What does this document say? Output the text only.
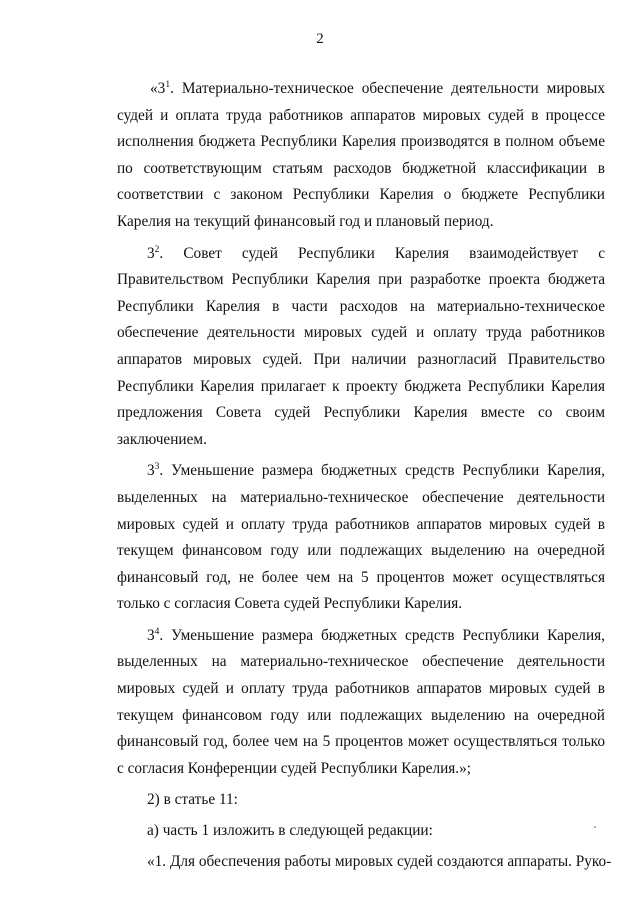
2

«$3^1$. Материально-техническое обеспечение деятельности мировых судей и оплата труда работников аппаратов мировых судей в процессе исполнения бюджета Республики Карелия производятся в полном объеме по соответствующим статьям расходов бюджетной классификации в соответствии с законом Республики Карелия о бюджете Республики Карелия на текущий финансовый год и плановый период.

$3^2$. Совет судей Республики Карелия взаимодействует с Правительством Республики Карелия при разработке проекта бюджета Республики Карелия в части расходов на материально-техническое обеспечение деятельности мировых судей и оплату труда работников аппаратов мировых судей. При наличии разногласий Правительство Республики Карелия прилагает к проекту бюджета Республики Карелия предложения Совета судей Республики Карелия вместе со своим заключением.

$3^3$. Уменьшение размера бюджетных средств Республики Карелия, выделенных на материально-техническое обеспечение деятельности мировых судей и оплату труда работников аппаратов мировых судей в текущем финансовом году или подлежащих выделению на очередной финансовый год, не более чем на 5 процентов может осуществляться только с согласия Совета судей Республики Карелия.

$3^4$. Уменьшение размера бюджетных средств Республики Карелия, выделенных на материально-техническое обеспечение деятельности мировых судей и оплату труда работников аппаратов мировых судей в текущем финансовом году или подлежащих выделению на очередной финансовый год, более чем на 5 процентов может осуществляться только с согласия Конференции судей Республики Карелия.»;

2) в статье 11:

а) часть 1 изложить в следующей редакции:

«1. Для обеспечения работы мировых судей создаются аппараты. Руко-
